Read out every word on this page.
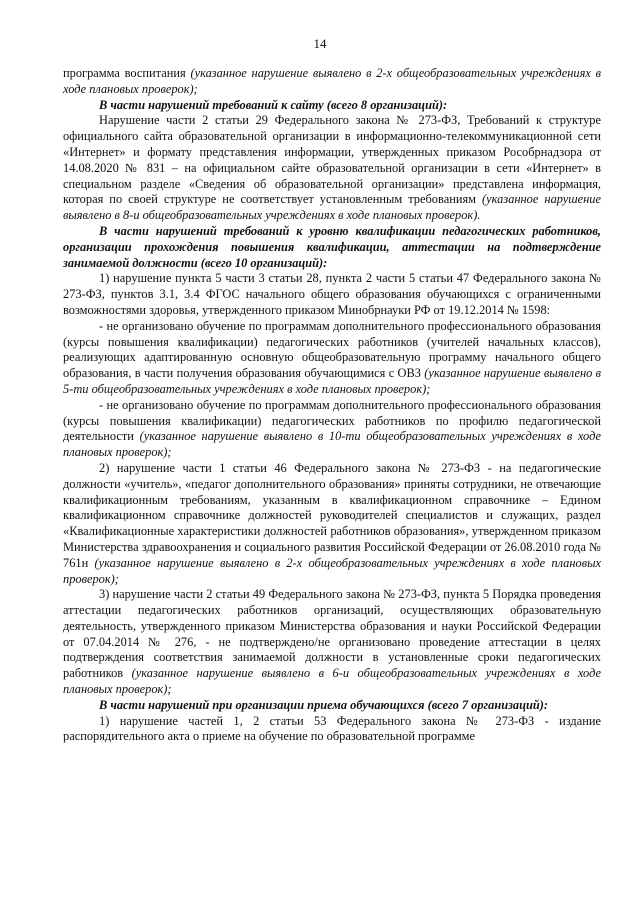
14

программа воспитания (указанное нарушение выявлено в 2-х общеобразовательных учреждениях в ходе плановых проверок);

В части нарушений требований к сайту (всего 8 организаций):

Нарушение части 2 статьи 29 Федерального закона № 273-ФЗ, Требований к структуре официального сайта образовательной организации в информационно-телекоммуникационной сети «Интернет» и формату представления информации, утвержденных приказом Рособрнадзора от 14.08.2020 № 831 – на официальном сайте образовательной организации в сети «Интернет» в специальном разделе «Сведения об образовательной организации» представлена информация, которая по своей структуре не соответствует установленным требованиям (указанное нарушение выявлено в 8-и общеобразовательных учреждениях в ходе плановых проверок).

В части нарушений требований к уровню квалификации педагогических работников, организации прохождения повышения квалификации, аттестации на подтверждение занимаемой должности (всего 10 организаций):

1) нарушение пункта 5 части 3 статьи 28, пункта 2 части 5 статьи 47 Федерального закона № 273-ФЗ, пунктов 3.1, 3.4 ФГОС начального общего образования обучающихся с ограниченными возможностями здоровья, утвержденного приказом Минобрнауки РФ от 19.12.2014 № 1598:

- не организовано обучение по программам дополнительного профессионального образования (курсы повышения квалификации) педагогических работников (учителей начальных классов), реализующих адаптированную основную общеобразовательную программу начального общего образования, в части получения образования обучающимися с ОВЗ (указанное нарушение выявлено в 5-ти общеобразовательных учреждениях в ходе плановых проверок);

- не организовано обучение по программам дополнительного профессионального образования (курсы повышения квалификации) педагогических работников по профилю педагогической деятельности (указанное нарушение выявлено в 10-ти общеобразовательных учреждениях в ходе плановых проверок);

2) нарушение части 1 статьи 46 Федерального закона № 273-ФЗ - на педагогические должности «учитель», «педагог дополнительного образования» приняты сотрудники, не отвечающие квалификационным требованиям, указанным в квалификационном справочнике – Едином квалификационном справочнике должностей руководителей специалистов и служащих, раздел «Квалификационные характеристики должностей работников образования», утвержденном приказом Министерства здравоохранения и социального развития Российской Федерации от 26.08.2010 года № 761н (указанное нарушение выявлено в 2-х общеобразовательных учреждениях в ходе плановых проверок);

3) нарушение части 2 статьи 49 Федерального закона № 273-ФЗ, пункта 5 Порядка проведения аттестации педагогических работников организаций, осуществляющих образовательную деятельность, утвержденного приказом Министерства образования и науки Российской Федерации от 07.04.2014 № 276, - не подтверждено/не организовано проведение аттестации в целях подтверждения соответствия занимаемой должности в установленные сроки педагогических работников (указанное нарушение выявлено в 6-и общеобразовательных учреждениях в ходе плановых проверок);

В части нарушений при организации приема обучающихся (всего 7 организаций):

1) нарушение частей 1, 2 статьи 53 Федерального закона № 273-ФЗ - издание распорядительного акта о приеме на обучение по образовательной программе
